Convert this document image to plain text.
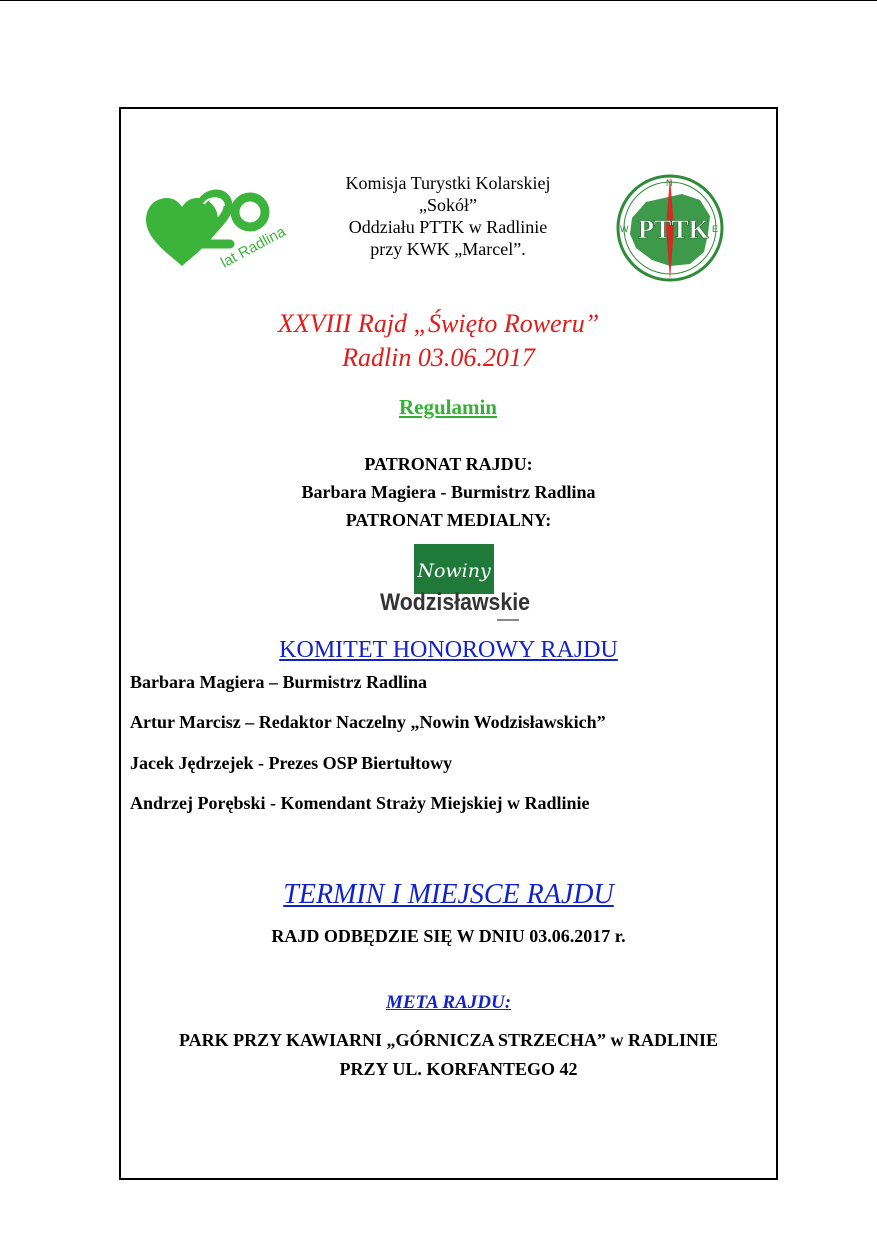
lat Radlina
Komisja Turystki Kolarskiej
„Sokół”
Oddziału PTTK w Radlinie
przy KWK „Marcel”.
W	E
N
PTTK
XXVIII Rajd „Święto Roweru”
Radlin 03.06.2017
Regulamin
PATRONAT RAJDU:
Barbara Magiera - Burmistrz Radlina
PATRONAT MEDIALNY:
Nowiny
Wodzisławskie
KOMITET HONOROWY RAJDU
Barbara Magiera – Burmistrz Radlina
Artur Marcisz – Redaktor Naczelny „Nowin Wodzisławskich”
Jacek Jędrzejek - Prezes OSP Biertułtowy
Andrzej Porębski - Komendant Straży Miejskiej w Radlinie
TERMIN I MIEJSCE RAJDU
RAJD ODBĘDZIE SIĘ W DNIU 03.06.2017 r.
META RAJDU:
PARK PRZY KAWIARNI „GÓRNICZA STRZECHA” w RADLINIE
PRZY UL. KORFANTEGO 42
